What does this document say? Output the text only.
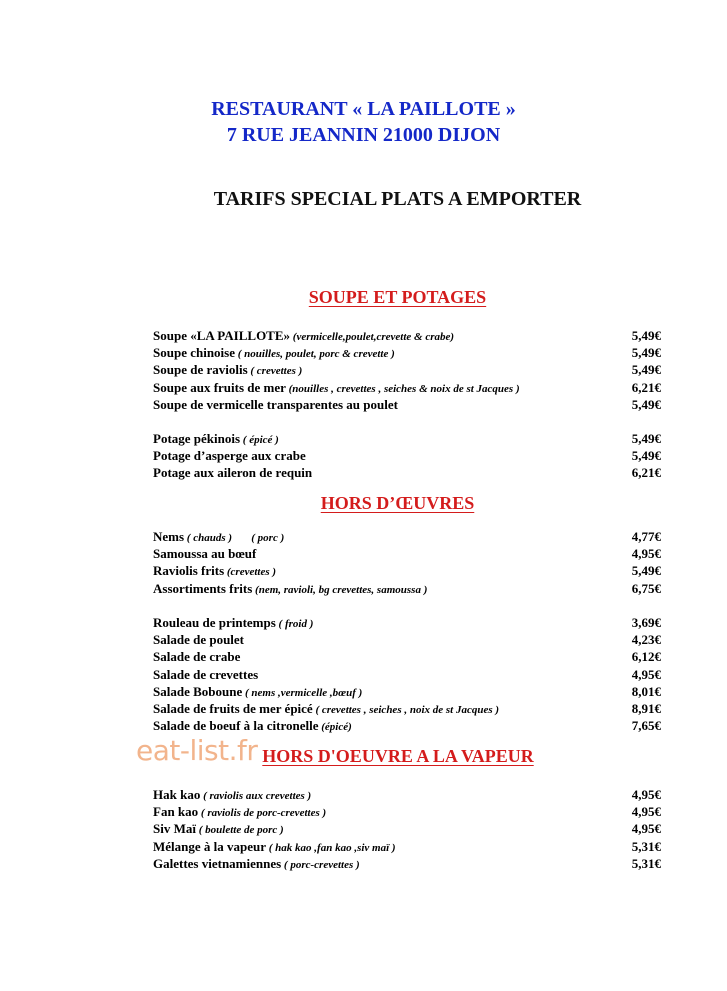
RESTAURANT « LA PAILLOTE »
7 RUE JEANNIN 21000 DIJON
TARIFS SPECIAL PLATS A EMPORTER
SOUPE ET POTAGES
Soupe «LA PAILLOTE» (vermicelle,poulet,crevette & crabe)	5,49€
Soupe chinoise ( nouilles, poulet, porc & crevette )	5,49€
Soupe de raviolis ( crevettes )	5,49€
Soupe aux fruits de mer (nouilles , crevettes , seiches & noix de st Jacques )	6,21€
Soupe de vermicelle transparentes au poulet	5,49€
Potage pékinois ( épicé )	5,49€
Potage d’asperge aux crabe	5,49€
Potage aux aileron de requin	6,21€
HORS D’ŒUVRES
Nems ( chauds )       ( porc )	4,77€
Samoussa au bœuf	4,95€
Raviolis frits (crevettes )	5,49€
Assortiments frits (nem, ravioli, bg crevettes, samoussa )	6,75€
Rouleau de printemps ( froid )	3,69€
Salade de poulet	4,23€
Salade de crabe	6,12€
Salade de crevettes	4,95€
Salade Boboune ( nems ,vermicelle ,bœuf )	8,01€
Salade de fruits de mer épicé ( crevettes , seiches , noix de st Jacques )	8,91€
Salade de boeuf à la citronelle (épicé)	7,65€
eat-list.fr HORS D'OEUVRE A LA VAPEUR
Hak kao ( raviolis aux crevettes )	4,95€
Fan kao ( raviolis de porc-crevettes )	4,95€
Siv Maï ( boulette de porc )	4,95€
Mélange à la vapeur ( hak kao ,fan kao ,siv maï )	5,31€
Galettes vietnamiennes ( porc-crevettes )	5,31€
